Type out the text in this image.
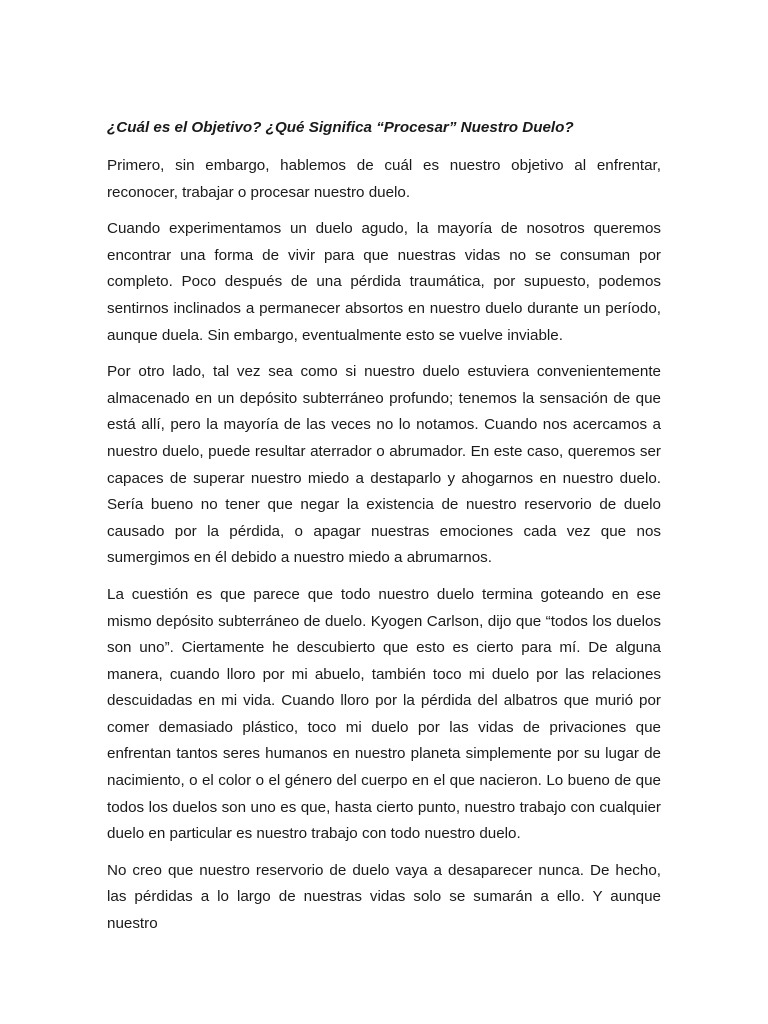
¿Cuál es el Objetivo? ¿Qué Significa “Procesar” Nuestro Duelo?

Primero, sin embargo, hablemos de cuál es nuestro objetivo al enfrentar, reconocer, trabajar o procesar nuestro duelo.

Cuando experimentamos un duelo agudo, la mayoría de nosotros queremos encontrar una forma de vivir para que nuestras vidas no se consuman por completo. Poco después de una pérdida traumática, por supuesto, podemos sentirnos inclinados a permanecer absortos en nuestro duelo durante un período, aunque duela. Sin embargo, eventualmente esto se vuelve inviable.

Por otro lado, tal vez sea como si nuestro duelo estuviera convenientemente almacenado en un depósito subterráneo profundo; tenemos la sensación de que está allí, pero la mayoría de las veces no lo notamos. Cuando nos acercamos a nuestro duelo, puede resultar aterrador o abrumador. En este caso, queremos ser capaces de superar nuestro miedo a destaparlo y ahogarnos en nuestro duelo. Sería bueno no tener que negar la existencia de nuestro reservorio de duelo causado por la pérdida, o apagar nuestras emociones cada vez que nos sumergimos en él debido a nuestro miedo a abrumarnos.

La cuestión es que parece que todo nuestro duelo termina goteando en ese mismo depósito subterráneo de duelo. Kyogen Carlson, dijo que “todos los duelos son uno”. Ciertamente he descubierto que esto es cierto para mí. De alguna manera, cuando lloro por mi abuelo, también toco mi duelo por las relaciones descuidadas en mi vida. Cuando lloro por la pérdida del albatros que murió por comer demasiado plástico, toco mi duelo por las vidas de privaciones que enfrentan tantos seres humanos en nuestro planeta simplemente por su lugar de nacimiento, o el color o el género del cuerpo en el que nacieron. Lo bueno de que todos los duelos son uno es que, hasta cierto punto, nuestro trabajo con cualquier duelo en particular es nuestro trabajo con todo nuestro duelo.

No creo que nuestro reservorio de duelo vaya a desaparecer nunca. De hecho, las pérdidas a lo largo de nuestras vidas solo se sumarán a ello. Y aunque nuestro
